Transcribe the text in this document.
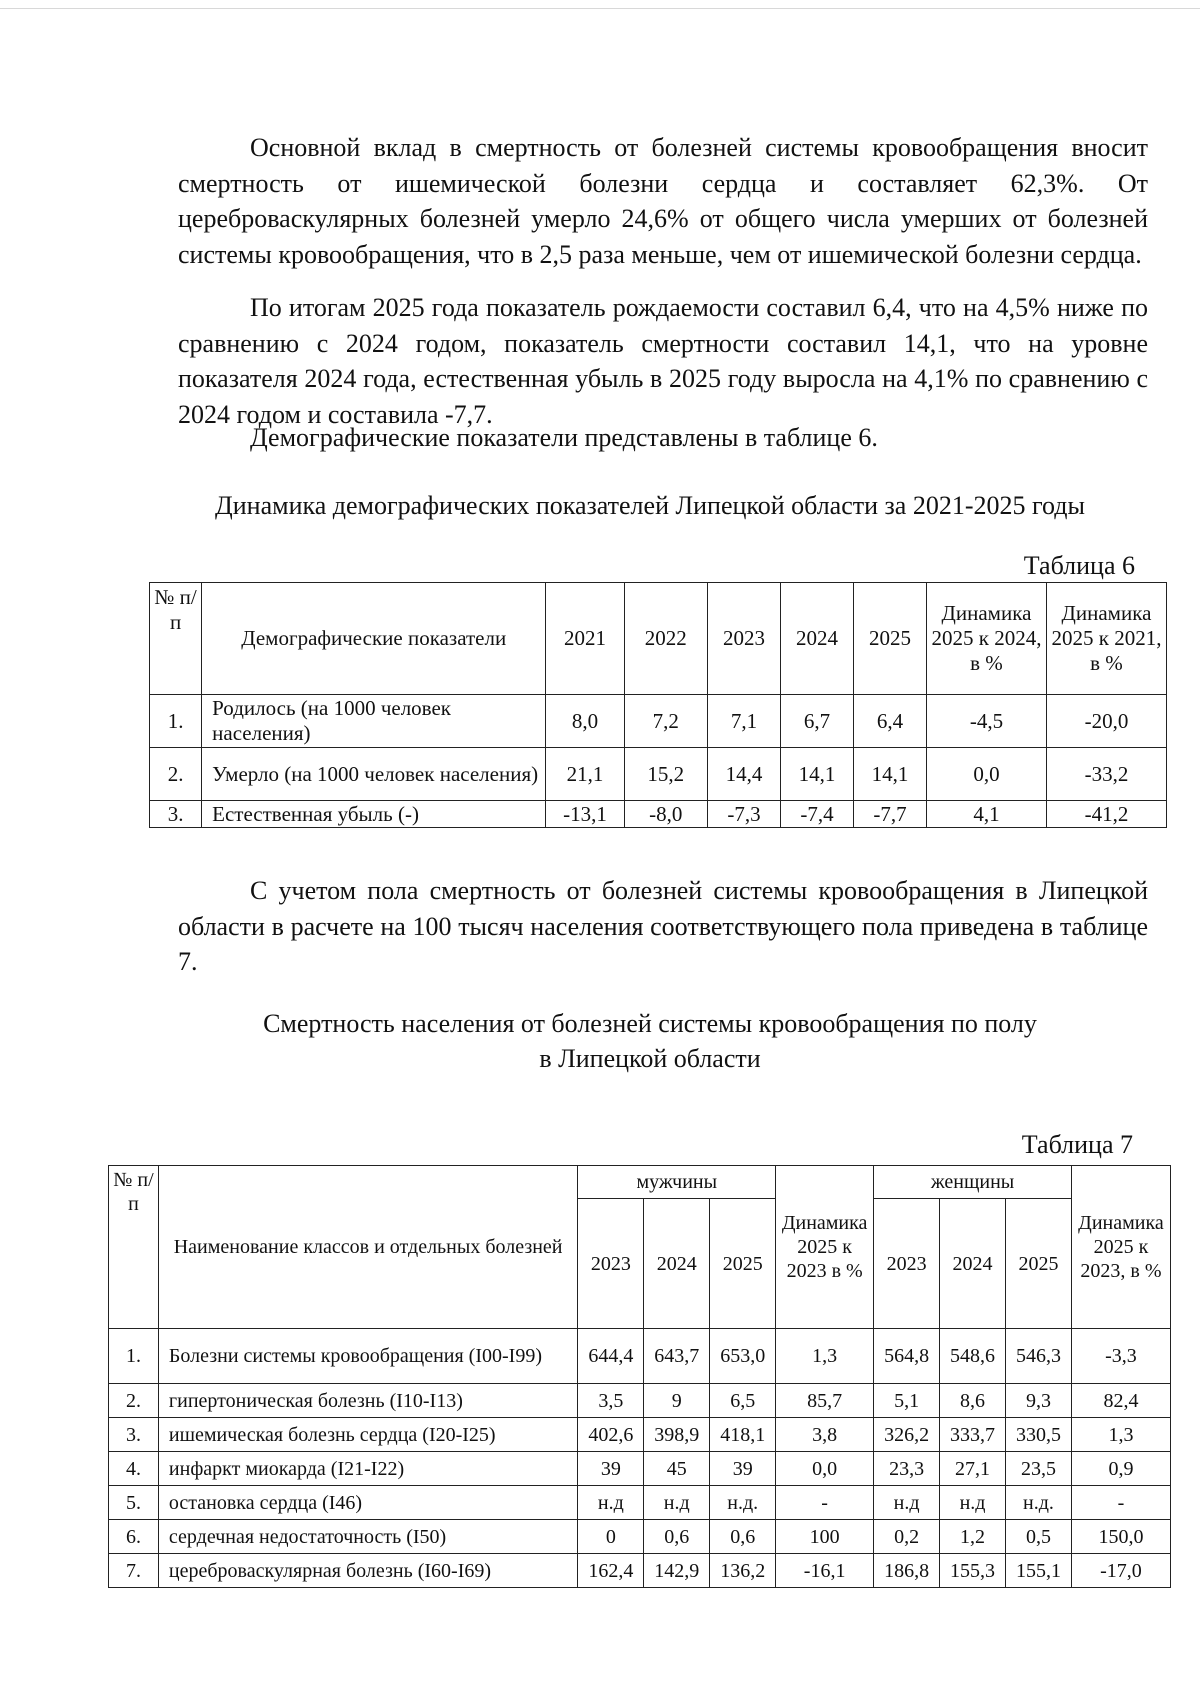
Основной вклад в смертность от болезней системы кровообращения вносит смертность от ишемической болезни сердца и составляет 62,3%. От цереброваскулярных болезней умерло 24,6% от общего числа умерших от болезней системы кровообращения, что в 2,5 раза меньше, чем от ишемической болезни сердца.

По итогам 2025 года показатель рождаемости составил 6,4, что на 4,5% ниже по сравнению с 2024 годом, показатель смертности составил 14,1, что на уровне показателя 2024 года, естественная убыль в 2025 году выросла на 4,1% по сравнению с 2024 годом и составила -7,7.

Демографические показатели представлены в таблице 6.

Динамика демографических показателей Липецкой области за 2021-2025 годы
Таблица 6
№ п/п	Демографические показатели	2021	2022	2023	2024	2025	Динамика 2025 к 2024, в %	Динамика 2025 к 2021, в %
1.	Родилось (на 1000 человек населения)	8,0	7,2	7,1	6,7	6,4	-4,5	-20,0
2.	Умерло (на 1000 человек населения)	21,1	15,2	14,4	14,1	14,1	0,0	-33,2
3.	Естественная убыль (-)	-13,1	-8,0	-7,3	-7,4	-7,7	4,1	-41,2

С учетом пола смертность от болезней системы кровообращения в Липецкой области в расчете на 100 тысяч населения соответствующего пола приведена в таблице 7.

Смертность населения от болезней системы кровообращения по полу
в Липецкой области
Таблица 7
№ п/п	Наименование классов и отдельных болезней	мужчины			Динамика 2025 к 2023 в %	женщины			Динамика 2025 к 2023, в %
		2023	2024	2025		2023	2024	2025	
1.	Болезни системы кровообращения (I00-I99)	644,4	643,7	653,0	1,3	564,8	548,6	546,3	-3,3
2.	гипертоническая болезнь (I10-I13)	3,5	9	6,5	85,7	5,1	8,6	9,3	82,4
3.	ишемическая болезнь сердца (I20-I25)	402,6	398,9	418,1	3,8	326,2	333,7	330,5	1,3
4.	инфаркт миокарда (I21-I22)	39	45	39	0,0	23,3	27,1	23,5	0,9
5.	остановка сердца (I46)	н.д	н.д	н.д.	-	н.д	н.д	н.д.	-
6.	сердечная недостаточность (I50)	0	0,6	0,6	100	0,2	1,2	0,5	150,0
7.	цереброваскулярная болезнь (I60-I69)	162,4	142,9	136,2	-16,1	186,8	155,3	155,1	-17,0
